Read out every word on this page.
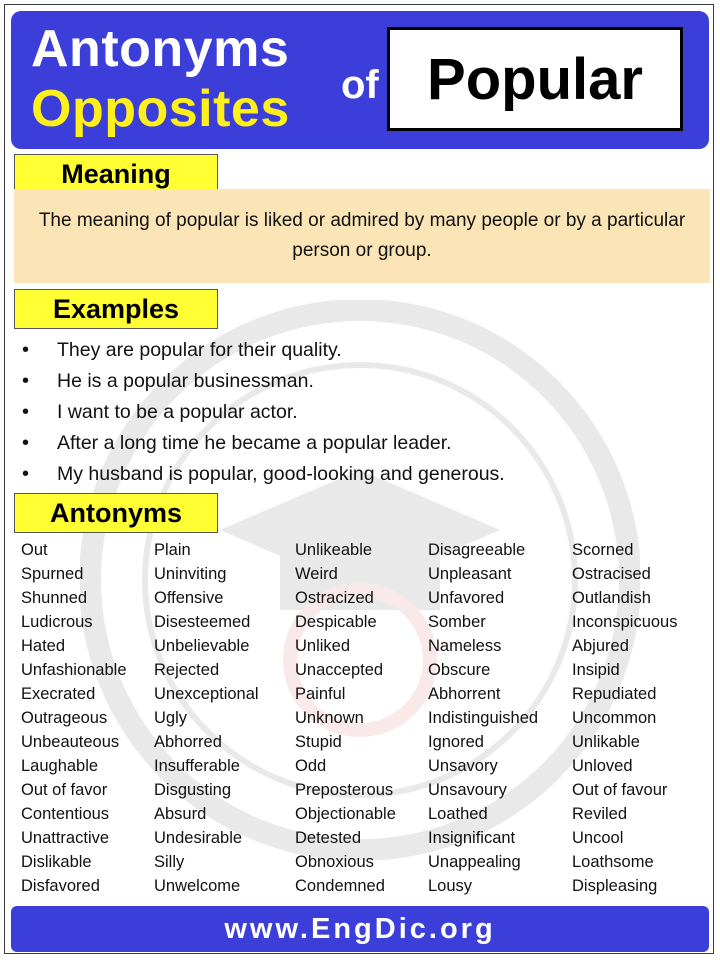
Antonyms
Opposites of Popular
Meaning
The meaning of popular is liked or admired by many people or by a particular person or group.
Examples
• They are popular for their quality.
• He is a popular businessman.
• I want to be a popular actor.
• After a long time he became a popular leader.
• My husband is popular, good-looking and generous.
Antonyms
Out
Spurned
Shunned
Ludicrous
Hated
Unfashionable
Execrated
Outrageous
Unbeauteous
Laughable
Out of favor
Contentious
Unattractive
Dislikable
Disfavored
Plain
Uninviting
Offensive
Disesteemed
Unbelievable
Rejected
Unexceptional
Ugly
Abhorred
Insufferable
Disgusting
Absurd
Undesirable
Silly
Unwelcome
Unlikeable
Weird
Ostracized
Despicable
Unliked
Unaccepted
Painful
Unknown
Stupid
Odd
Preposterous
Objectionable
Detested
Obnoxious
Condemned
Disagreeable
Unpleasant
Unfavored
Somber
Nameless
Obscure
Abhorrent
Indistinguished
Ignored
Unsavory
Unsavoury
Loathed
Insignificant
Unappealing
Lousy
Scorned
Ostracised
Outlandish
Inconspicuous
Abjured
Insipid
Repudiated
Uncommon
Unlikable
Unloved
Out of favour
Reviled
Uncool
Loathsome
Displeasing
www.EngDic.org
